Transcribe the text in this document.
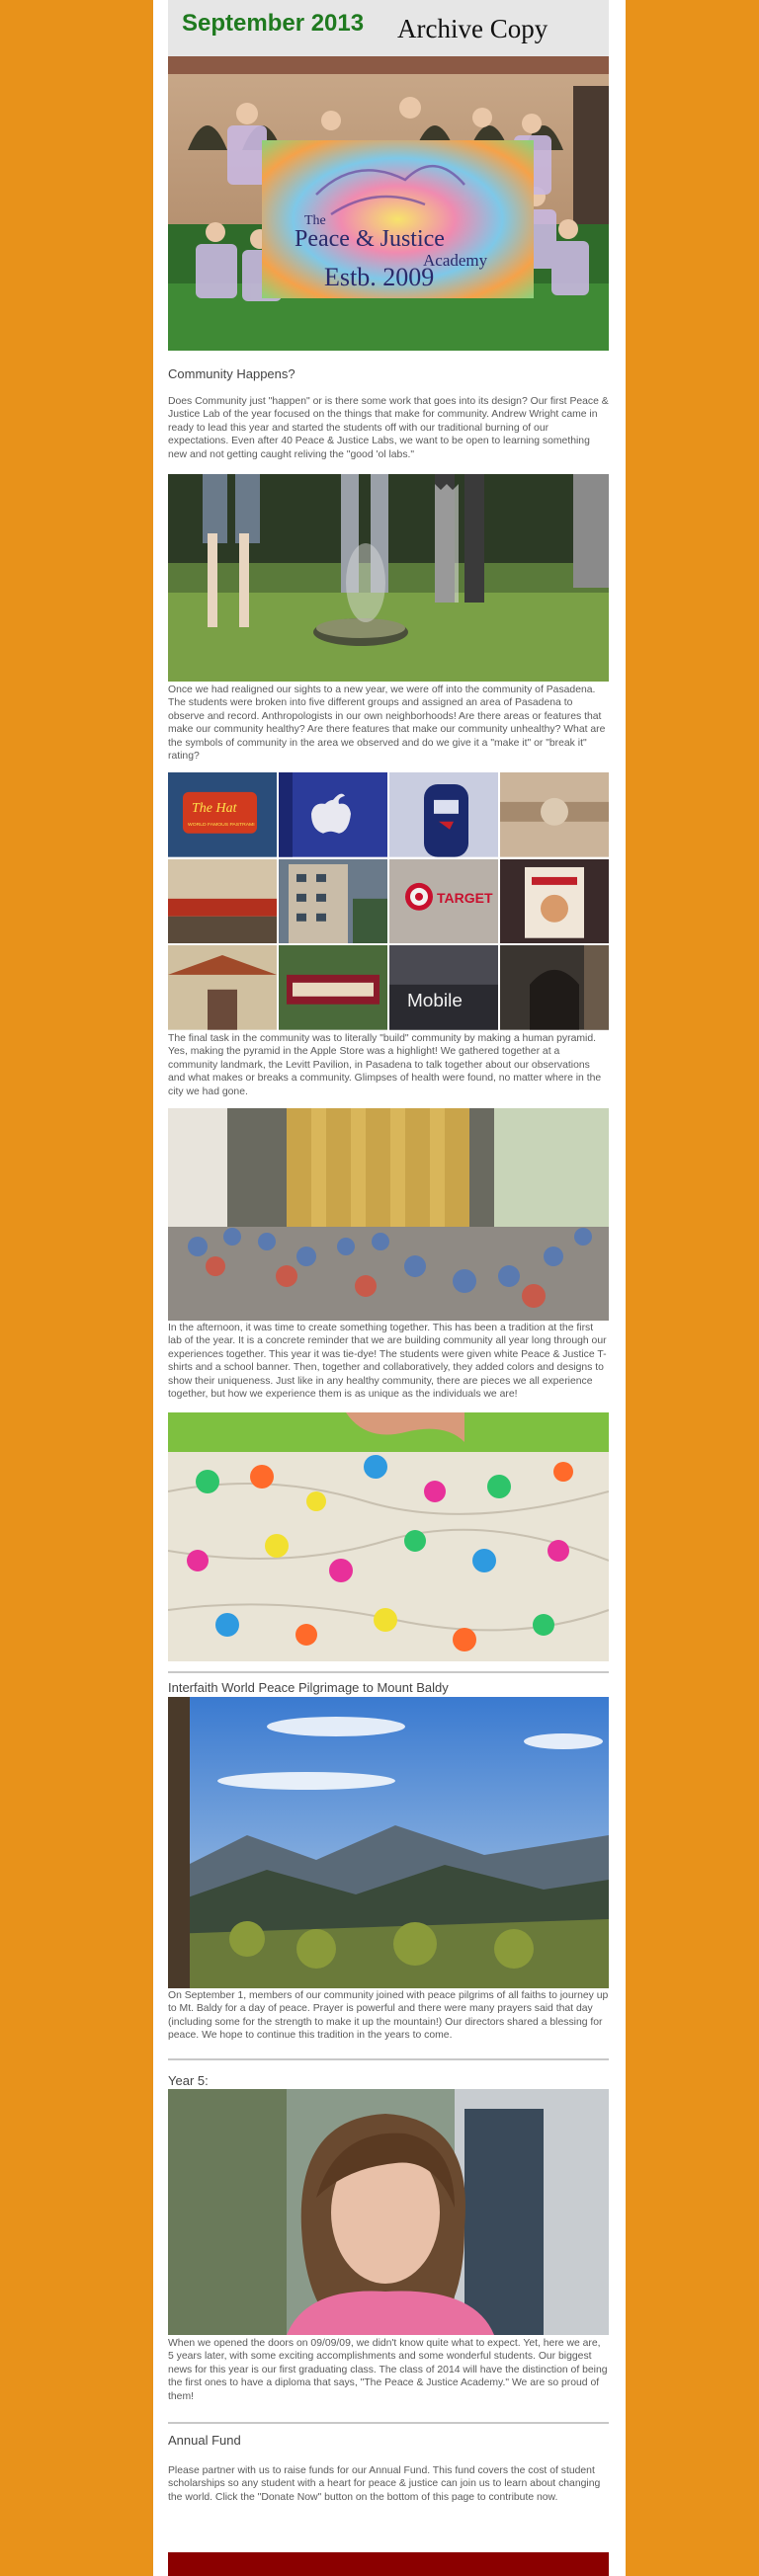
September 2013 Archive Copy
The
Peace & Justice
Academy
Estb. 2009
Community Happens?
Does Community just "happen" or is there some work that goes into its design? Our first Peace & Justice Lab of the year focused on the things that make for community. Andrew Wright came in ready to lead this year and started the students off with our traditional burning of our expectations. Even after 40 Peace & Justice Labs, we want to be open to learning something new and not getting caught reliving the "good 'ol labs."
Once we had realigned our sights to a new year, we were off into the community of Pasadena. The students were broken into five different groups and assigned an area of Pasadena to observe and record. Anthropologists in our own neighborhoods! Are there areas or features that make our community healthy? Are there features that make our community unhealthy? What are the symbols of community in the area we observed and do we give it a "make it" or "break it" rating?
The Hat
WORLD FAMOUS PASTRAMI
TARGET
Mobile
The final task in the community was to literally "build" community by making a human pyramid. Yes, making the pyramid in the Apple Store was a highlight! We gathered together at a community landmark, the Levitt Pavilion, in Pasadena to talk together about our observations and what makes or breaks a community. Glimpses of health were found, no matter where in the city we had gone.
In the afternoon, it was time to create something together. This has been a tradition at the first lab of the year. It is a concrete reminder that we are building community all year long through our experiences together. This year it was tie-dye! The students were given white Peace & Justice T-shirts and a school banner. Then, together and collaboratively, they added colors and designs to show their uniqueness. Just like in any healthy community, there are pieces we all experience together, but how we experience them is as unique as the individuals we are!
Interfaith World Peace Pilgrimage to Mount Baldy
On September 1, members of our community joined with peace pilgrims of all faiths to journey up to Mt. Baldy for a day of peace. Prayer is powerful and there were many prayers said that day (including some for the strength to make it up the mountain!) Our directors shared a blessing for peace. We hope to continue this tradition in the years to come.
Year 5:
When we opened the doors on 09/09/09, we didn't know quite what to expect. Yet, here we are, 5 years later, with some exciting accomplishments and some wonderful students. Our biggest news for this year is our first graduating class. The class of 2014 will have the distinction of being the first ones to have a diploma that says, "The Peace & Justice Academy." We are so proud of them!
Annual Fund
Please partner with us to raise funds for our Annual Fund. This fund covers the cost of student scholarships so any student with a heart for peace & justice can join us to learn about changing the world. Click the "Donate Now" button on the bottom of this page to contribute now.
